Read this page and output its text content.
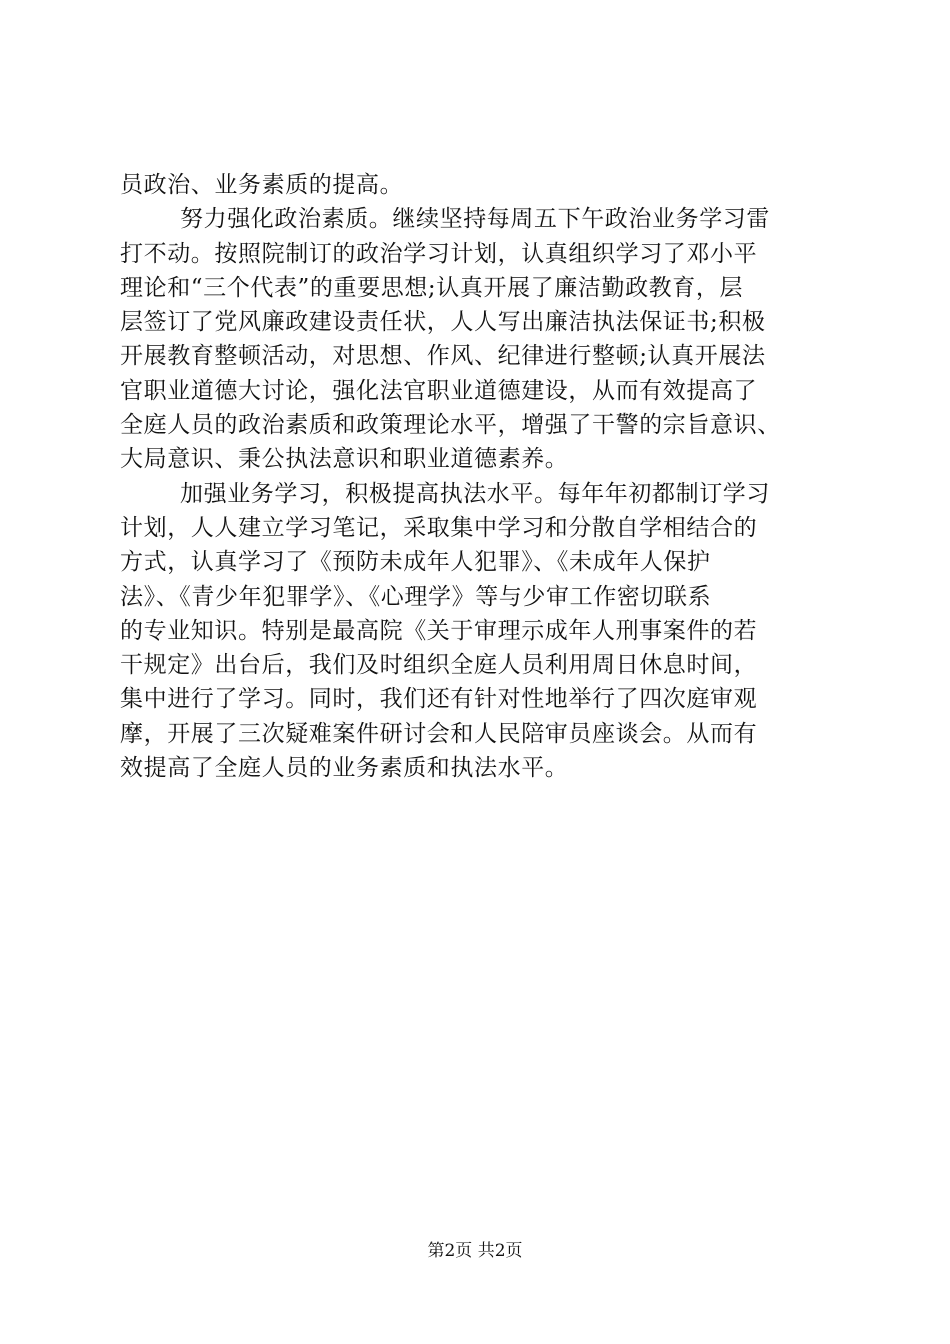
员政治、业务素质的提高。
努力强化政治素质。继续坚持每周五下午政治业务学习雷
打不动。按照院制订的政治学习计划，认真组织学习了邓小平
理论和“三个代表”的重要思想;认真开展了廉洁勤政教育，层
层签订了党风廉政建设责任状，人人写出廉洁执法保证书;积极
开展教育整顿活动，对思想、作风、纪律进行整顿;认真开展法
官职业道德大讨论，强化法官职业道德建设，从而有效提高了
全庭人员的政治素质和政策理论水平，增强了干警的宗旨意识、
大局意识、秉公执法意识和职业道德素养。
加强业务学习，积极提高执法水平。每年年初都制订学习
计划，人人建立学习笔记，采取集中学习和分散自学相结合的
方式，认真学习了《预防未成年人犯罪》、《未成年人保护
法》、《青少年犯罪学》、《心理学》等与少审工作密切联系
的专业知识。特别是最高院《关于审理示成年人刑事案件的若
干规定》出台后，我们及时组织全庭人员利用周日休息时间，
集中进行了学习。同时，我们还有针对性地举行了四次庭审观
摩，开展了三次疑难案件研讨会和人民陪审员座谈会。从而有
效提高了全庭人员的业务素质和执法水平。
第2页 共2页
